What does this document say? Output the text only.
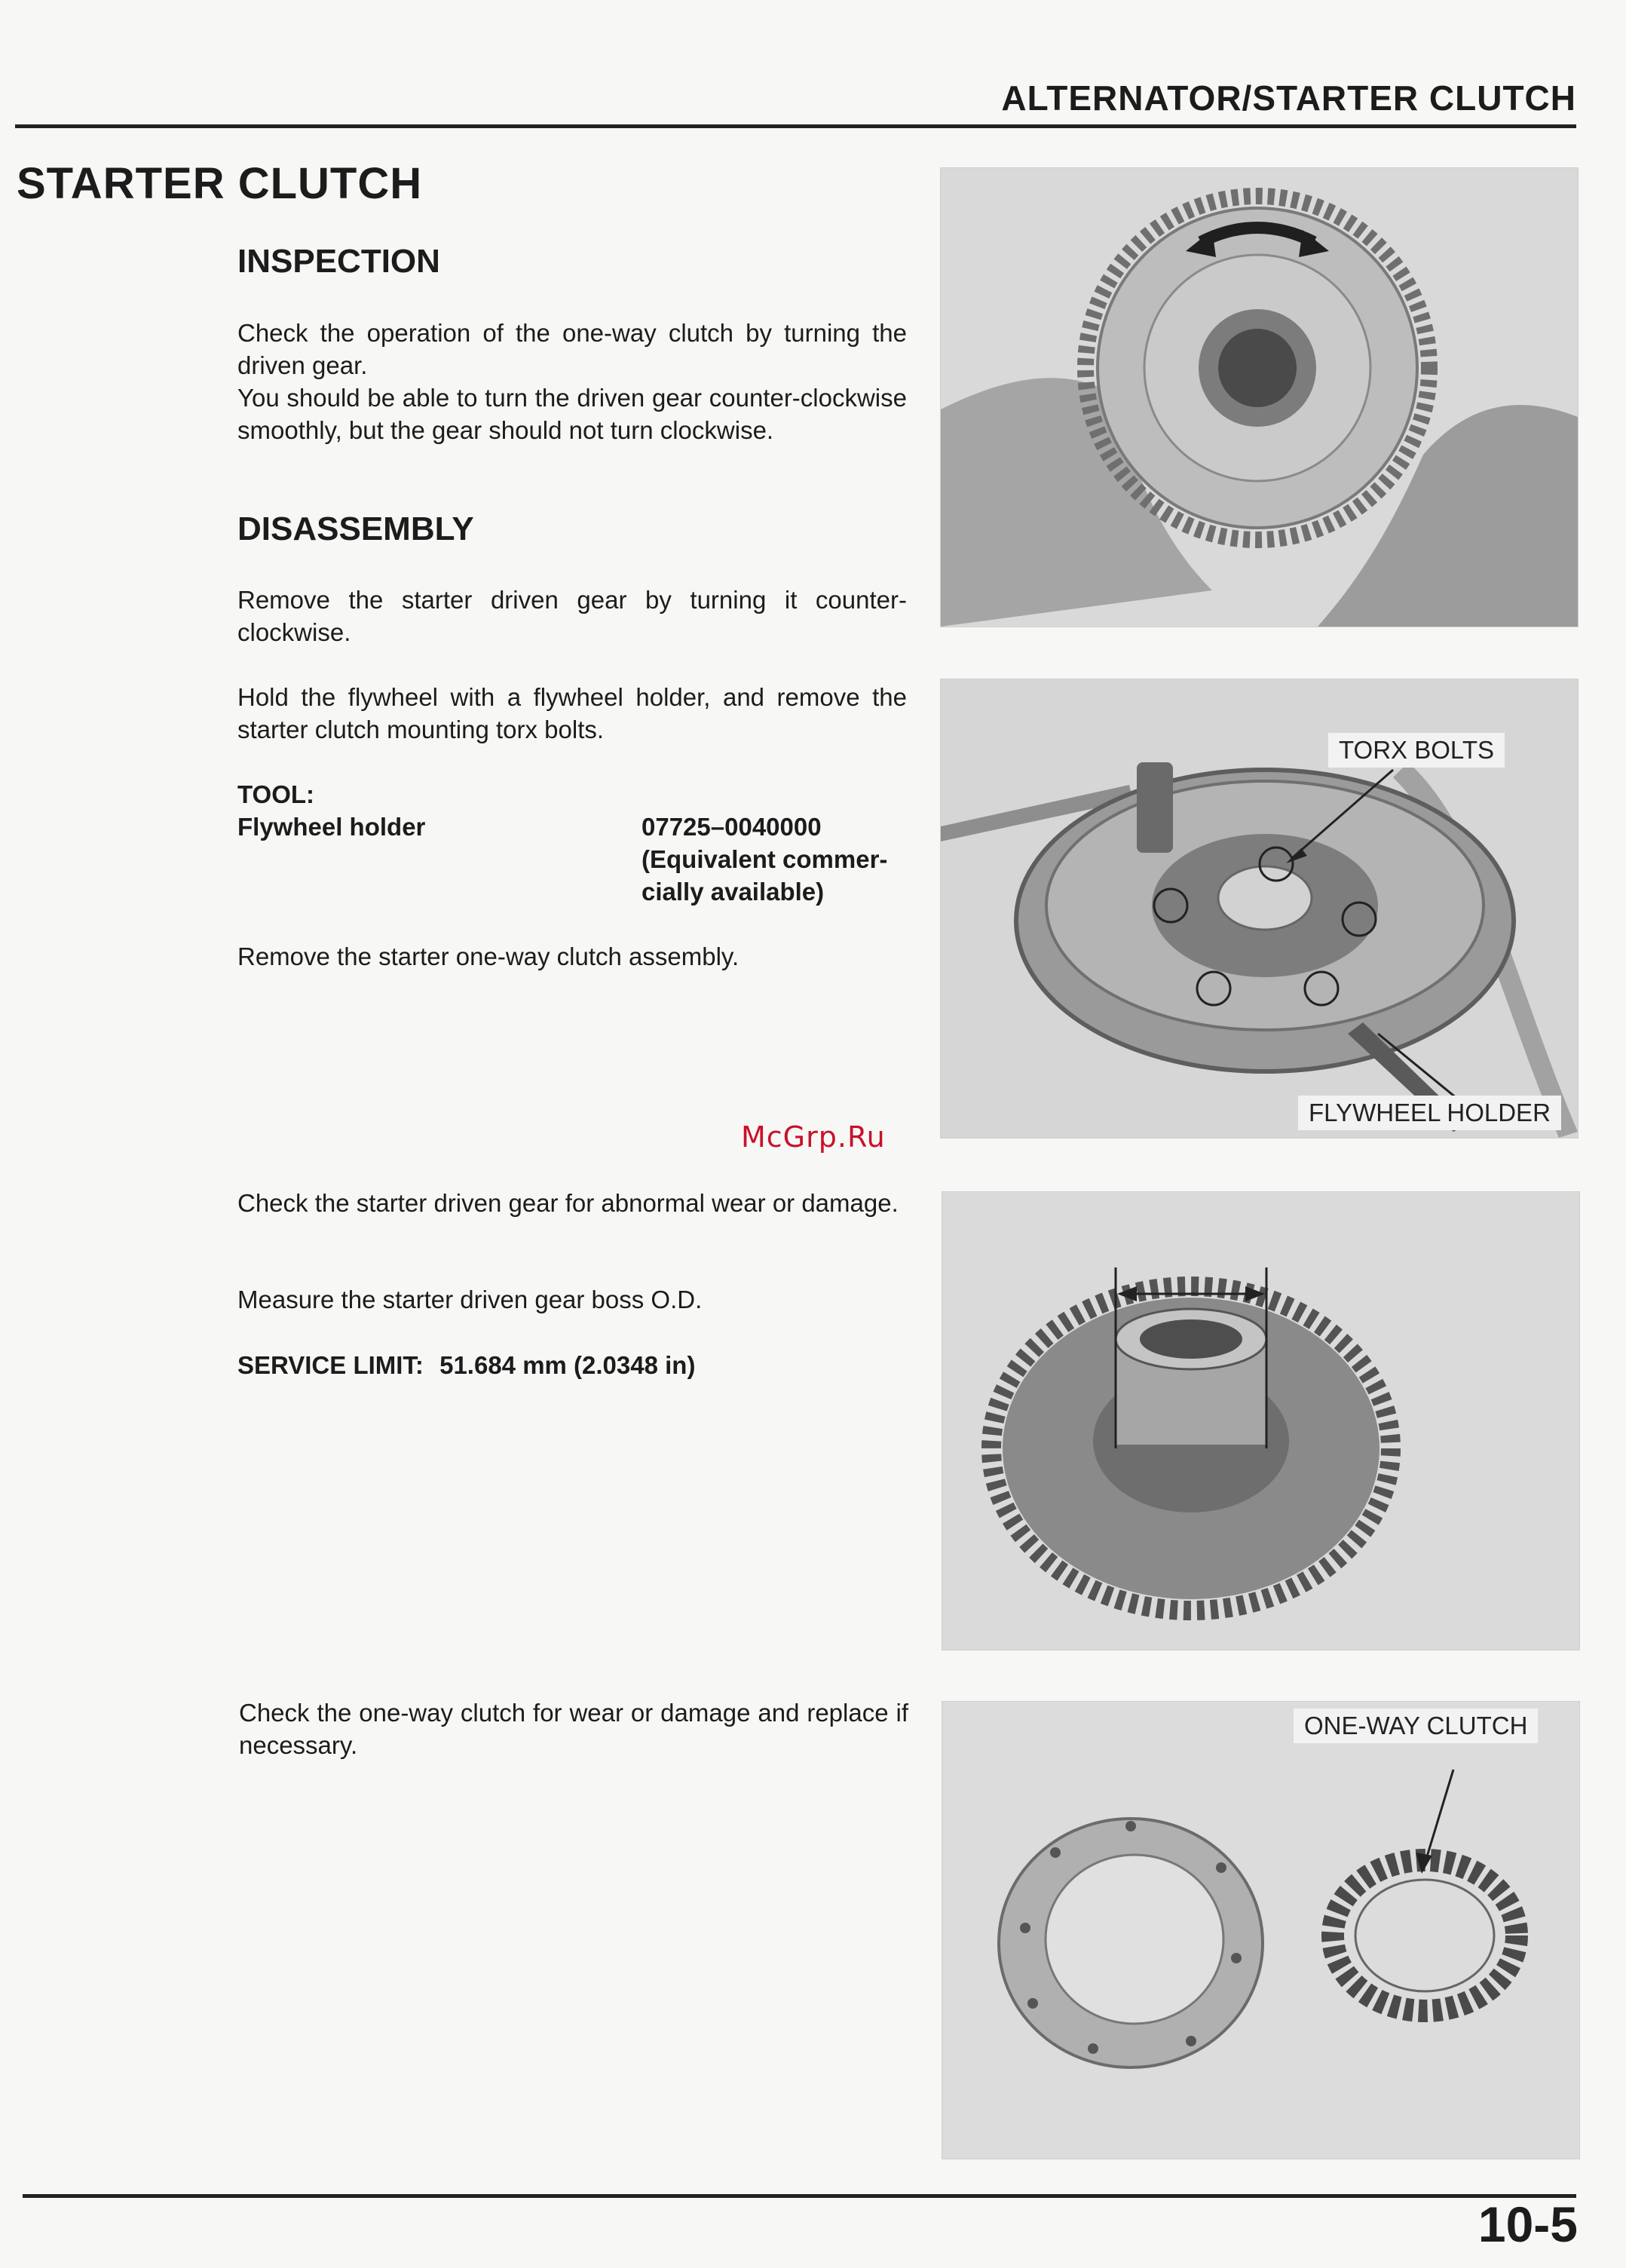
ALTERNATOR/STARTER CLUTCH
STARTER CLUTCH
INSPECTION
Check the operation of the one-way clutch by turning the driven gear.
You should be able to turn the driven gear counter-clockwise smoothly, but the gear should not turn clockwise.
DISASSEMBLY
Remove the starter driven gear by turning it counter-clockwise.
Hold the flywheel with a flywheel holder, and remove the starter clutch mounting torx bolts.
TOOL:
Flywheel holder	07725–0040000
(Equivalent commer-
cially available)
Remove the starter one-way clutch assembly.
McGrp.Ru
Check the starter driven gear for abnormal wear or damage.
Measure the starter driven gear boss O.D.
SERVICE LIMIT: 51.684 mm (2.0348 in)
Check the one-way clutch for wear or damage and replace if necessary.
TORX BOLTS
FLYWHEEL HOLDER
ONE-WAY CLUTCH
10-5
